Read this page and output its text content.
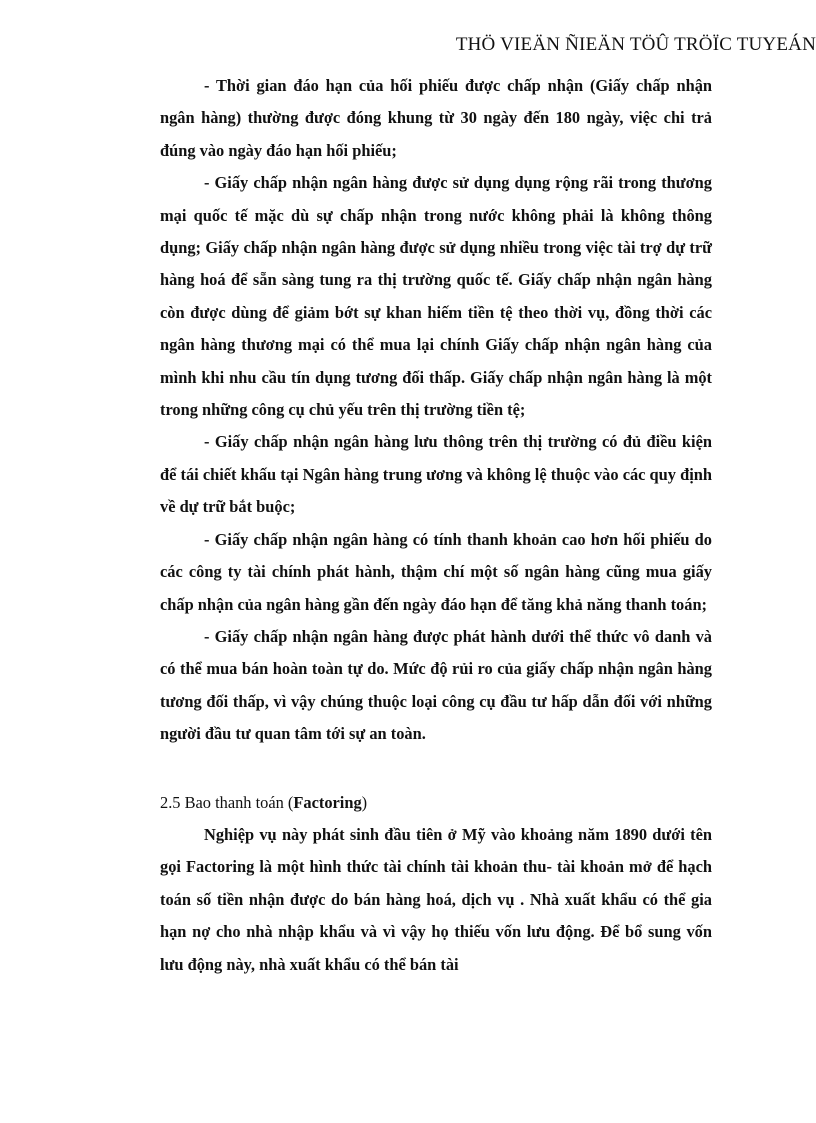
THÖ VIEÄN ÑIEÄN TÖÛ TRÖÏC TUYEÁN

- Thời gian đáo hạn của hối phiếu được chấp nhận (Giấy chấp nhận ngân hàng) thường được đóng khung từ 30 ngày đến 180 ngày, việc chi trả đúng vào ngày đáo hạn hối phiếu;

- Giấy chấp nhận ngân hàng được sử dụng dụng rộng rãi trong thương mại quốc tế mặc dù sự chấp nhận trong nước không phải là không thông dụng; Giấy chấp nhận ngân hàng được sử dụng nhiều trong việc tài trợ dự trữ hàng hoá để sẵn sàng tung ra thị trường quốc tế. Giấy chấp nhận ngân hàng còn được dùng để giảm bớt sự khan hiếm tiền tệ theo thời vụ, đồng thời các ngân hàng thương mại có thể mua lại chính Giấy chấp nhận ngân hàng của mình khi nhu cầu tín dụng tương đối thấp. Giấy chấp nhận ngân hàng là một trong những công cụ chủ yếu trên thị trường tiền tệ;

- Giấy chấp nhận ngân hàng lưu thông trên thị trường có đủ điều kiện để tái chiết khấu tại Ngân hàng trung ương và không lệ thuộc vào các quy định về dự trữ bắt buộc;

- Giấy chấp nhận ngân hàng có tính thanh khoản cao hơn hối phiếu do các công ty tài chính phát hành, thậm chí một số ngân hàng cũng mua giấy chấp nhận của ngân hàng gần đến ngày đáo hạn để tăng khả năng thanh toán;

- Giấy chấp nhận ngân hàng được phát hành dưới thể thức vô danh và có thể mua bán hoàn toàn tự do. Mức độ rủi ro của giấy chấp nhận ngân hàng tương đối thấp, vì vậy chúng thuộc loại công cụ đầu tư hấp dẫn đối với những người đầu tư quan tâm tới sự an toàn.

2.5 Bao thanh toán (Factoring)

Nghiệp vụ này phát sinh đầu tiên ở Mỹ vào khoảng năm 1890 dưới tên gọi Factoring là một hình thức tài chính tài khoản thu- tài khoản mở để hạch toán số tiền nhận được do bán hàng hoá, dịch vụ . Nhà xuất khẩu có thể gia hạn nợ cho nhà nhập khẩu và vì vậy họ thiếu vốn lưu động. Để bổ sung vốn lưu động này, nhà xuất khẩu có thể bán tài
